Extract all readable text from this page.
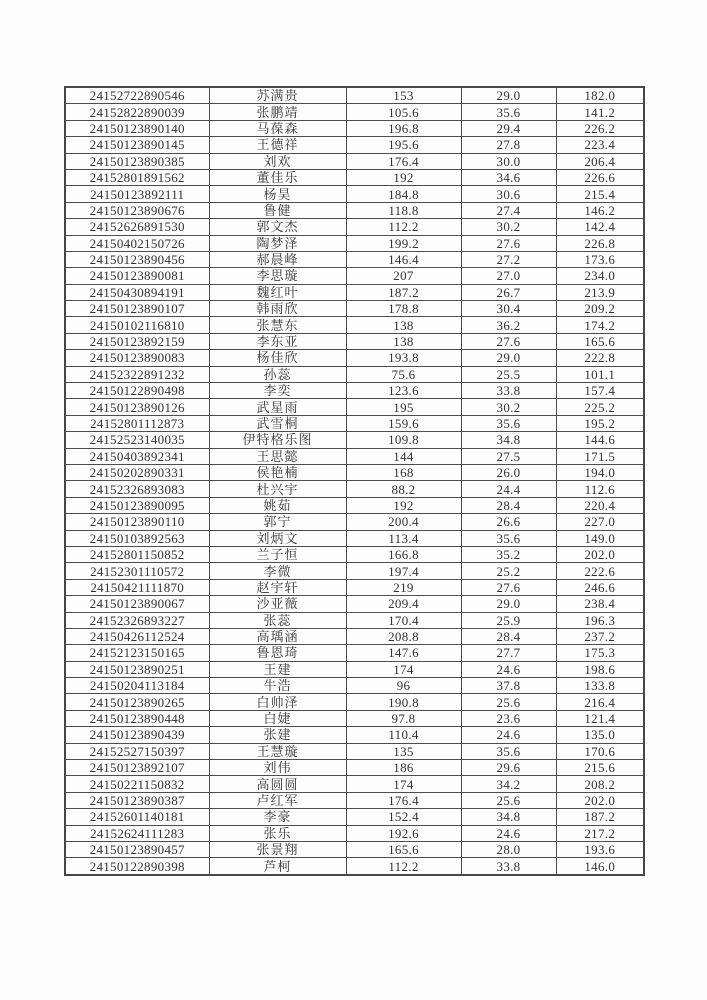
24152722890546	苏满贵	153	29.0	182.0
24152822890039	张鹏靖	105.6	35.6	141.2
24150123890140	马葆森	196.8	29.4	226.2
24150123890145	王德祥	195.6	27.8	223.4
24150123890385	刘欢	176.4	30.0	206.4
24152801891562	董佳乐	192	34.6	226.6
24150123892111	杨昊	184.8	30.6	215.4
24150123890676	鲁健	118.8	27.4	146.2
24152626891530	郭文杰	112.2	30.2	142.4
24150402150726	陶梦泽	199.2	27.6	226.8
24150123890456	郝晨峰	146.4	27.2	173.6
24150123890081	李思璇	207	27.0	234.0
24150430894191	魏红叶	187.2	26.7	213.9
24150123890107	韩雨欣	178.8	30.4	209.2
24150102116810	张慧东	138	36.2	174.2
24150123892159	李东亚	138	27.6	165.6
24150123890083	杨佳欣	193.8	29.0	222.8
24152322891232	孙蕊	75.6	25.5	101.1
24150122890498	李奕	123.6	33.8	157.4
24150123890126	武星雨	195	30.2	225.2
24152801112873	武雪桐	159.6	35.6	195.2
24152523140035	伊特格乐图	109.8	34.8	144.6
24150403892341	王思懿	144	27.5	171.5
24150202890331	侯艳楠	168	26.0	194.0
24152326893083	杜兴宇	88.2	24.4	112.6
24150123890095	姚茹	192	28.4	220.4
24150123890110	郭宁	200.4	26.6	227.0
24150103892563	刘炳文	113.4	35.6	149.0
24152801150852	兰子恒	166.8	35.2	202.0
24152301110572	李微	197.4	25.2	222.6
24150421111870	赵宇轩	219	27.6	246.6
24150123890067	沙亚薇	209.4	29.0	238.4
24152326893227	张蕊	170.4	25.9	196.3
24150426112524	高瑀涵	208.8	28.4	237.2
24152123150165	鲁恩琦	147.6	27.7	175.3
24150123890251	王建	174	24.6	198.6
24150204113184	牛浩	96	37.8	133.8
24150123890265	白帅泽	190.8	25.6	216.4
24150123890448	白婕	97.8	23.6	121.4
24150123890439	张建	110.4	24.6	135.0
24152527150397	王慧璇	135	35.6	170.6
24150123892107	刘伟	186	29.6	215.6
24150221150832	高圆圆	174	34.2	208.2
24150123890387	卢红军	176.4	25.6	202.0
24152601140181	李豪	152.4	34.8	187.2
24152624111283	张乐	192.6	24.6	217.2
24150123890457	张景翔	165.6	28.0	193.6
24150122890398	芦柯	112.2	33.8	146.0
